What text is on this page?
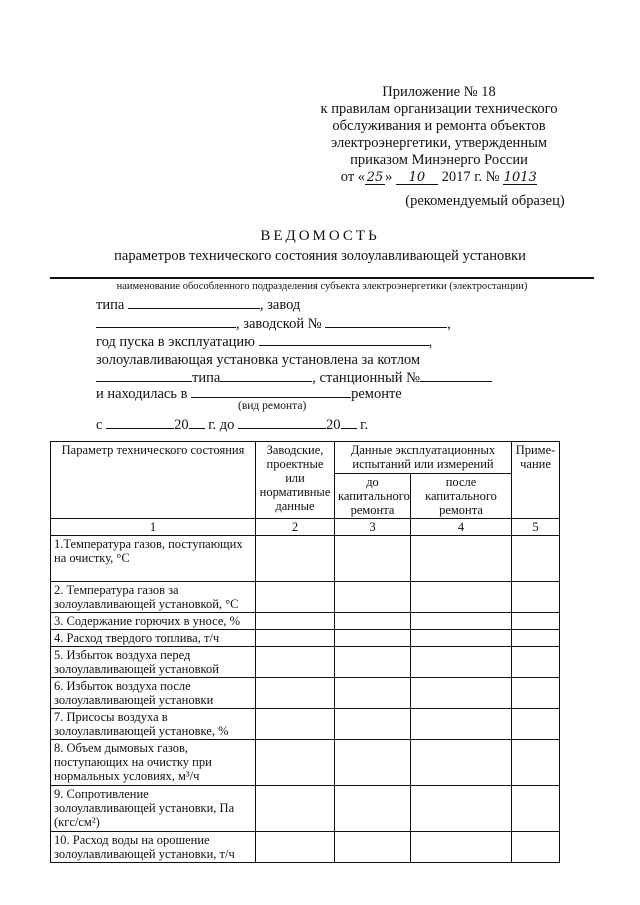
Приложение № 18
к правилам организации технического
обслуживания и ремонта объектов
электроэнергетики, утвержденным
приказом Минэнерго России
от « 25 » 10 2017 г. № 1013
(рекомендуемый образец)
ВЕДОМОСТЬ
параметров технического состояния золоулавливающей установки
наименование обособленного подразделения субъекта электроэнергетики (электростанции)
типа	, завод
, заводской №	,
год пуска в эксплуатацию	,
золоулавливающая установка установлена за котлом
типа	, станционный №
и находилась в	ремонте
(вид ремонта)
с	20 г. до	20 г.
Параметр технического состояния	Заводские, проектные или нормативные данные	Данные эксплуатационных испытаний или измерений		Приме-чание
		до капитального ремонта	после капитального ремонта	
1	2	3	4	5
1.Температура газов, поступающих на очистку, °С				
2. Температура газов за золоулавливающей установкой, °С				
3. Содержание горючих в уносе, %				
4. Расход твердого топлива, т/ч				
5. Избыток воздуха перед золоулавливающей установкой				
6. Избыток воздуха после золоулавливающей установки				
7. Присосы воздуха в золоулавливающей установке, %				
8. Объем дымовых газов, поступающих на очистку при нормальных условиях, м³/ч				
9. Сопротивление золоулавливающей установки, Па (кгс/см²)				
10. Расход воды на орошение золоулавливающей установки, т/ч				
